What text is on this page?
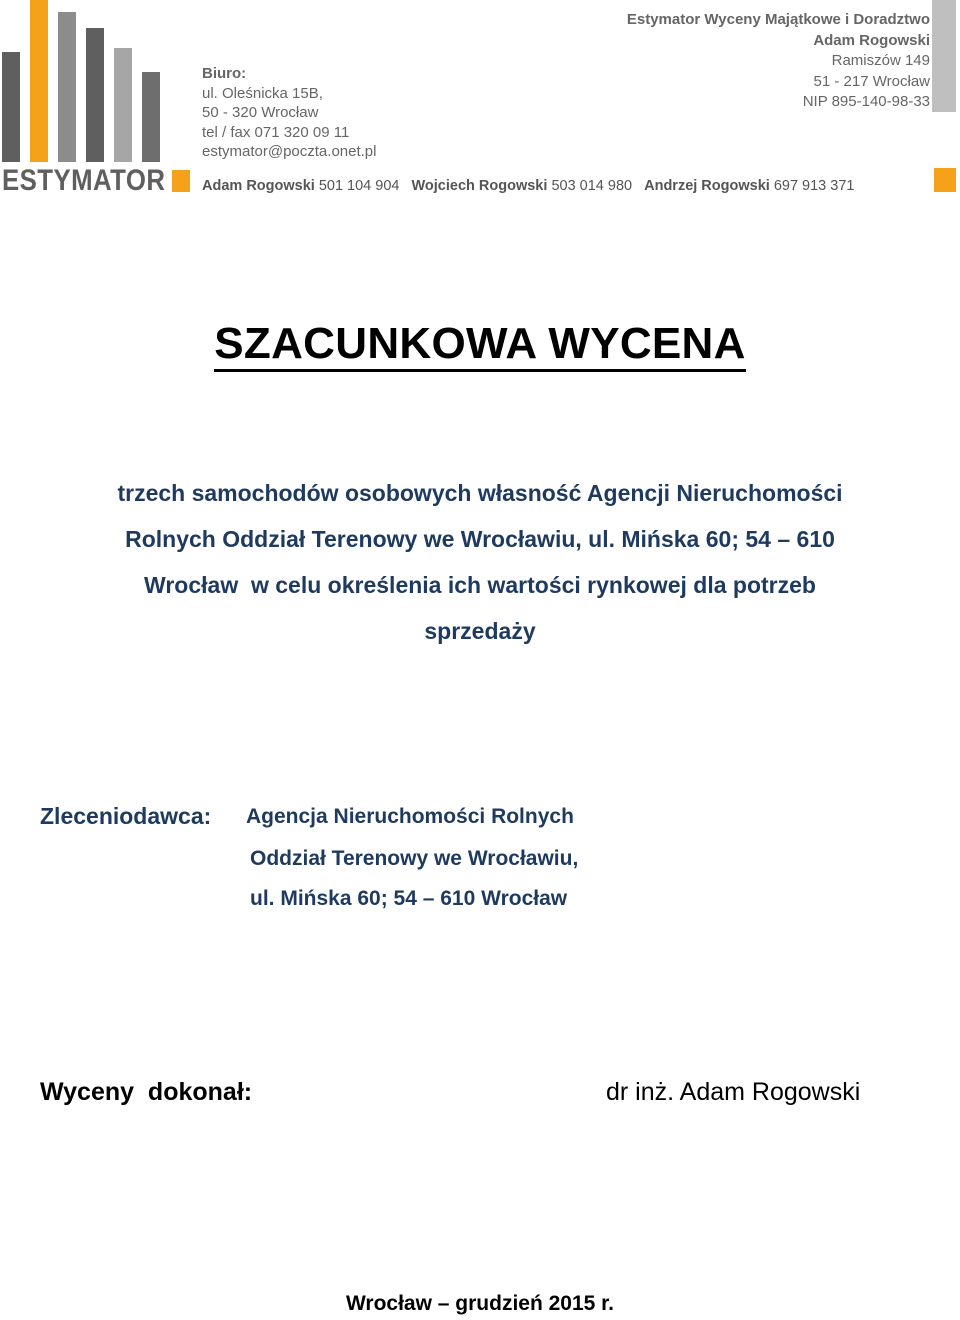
ESTYMATOR
Biuro:
ul. Oleśnicka 15B,
50 - 320 Wrocław
tel / fax 071 320 09 11
estymator@poczta.onet.pl
Estymator Wyceny Majątkowe i Doradztwo
Adam Rogowski
Ramiszów 149
51 - 217 Wrocław
NIP 895-140-98-33
Adam Rogowski 501 104 904 Wojciech Rogowski 503 014 980 Andrzej Rogowski 697 913 371
SZACUNKOWA WYCENA
trzech samochodów osobowych własność Agencji Nieruchomości
Rolnych Oddział Terenowy we Wrocławiu, ul. Mińska 60; 54 – 610
Wrocław  w celu określenia ich wartości rynkowej dla potrzeb
sprzedaży
Zleceniodawca: Agencja Nieruchomości Rolnych
Oddział Terenowy we Wrocławiu,
ul. Mińska 60; 54 – 610 Wrocław
Wyceny  dokonał:	dr inż. Adam Rogowski
Wrocław – grudzień 2015 r.
